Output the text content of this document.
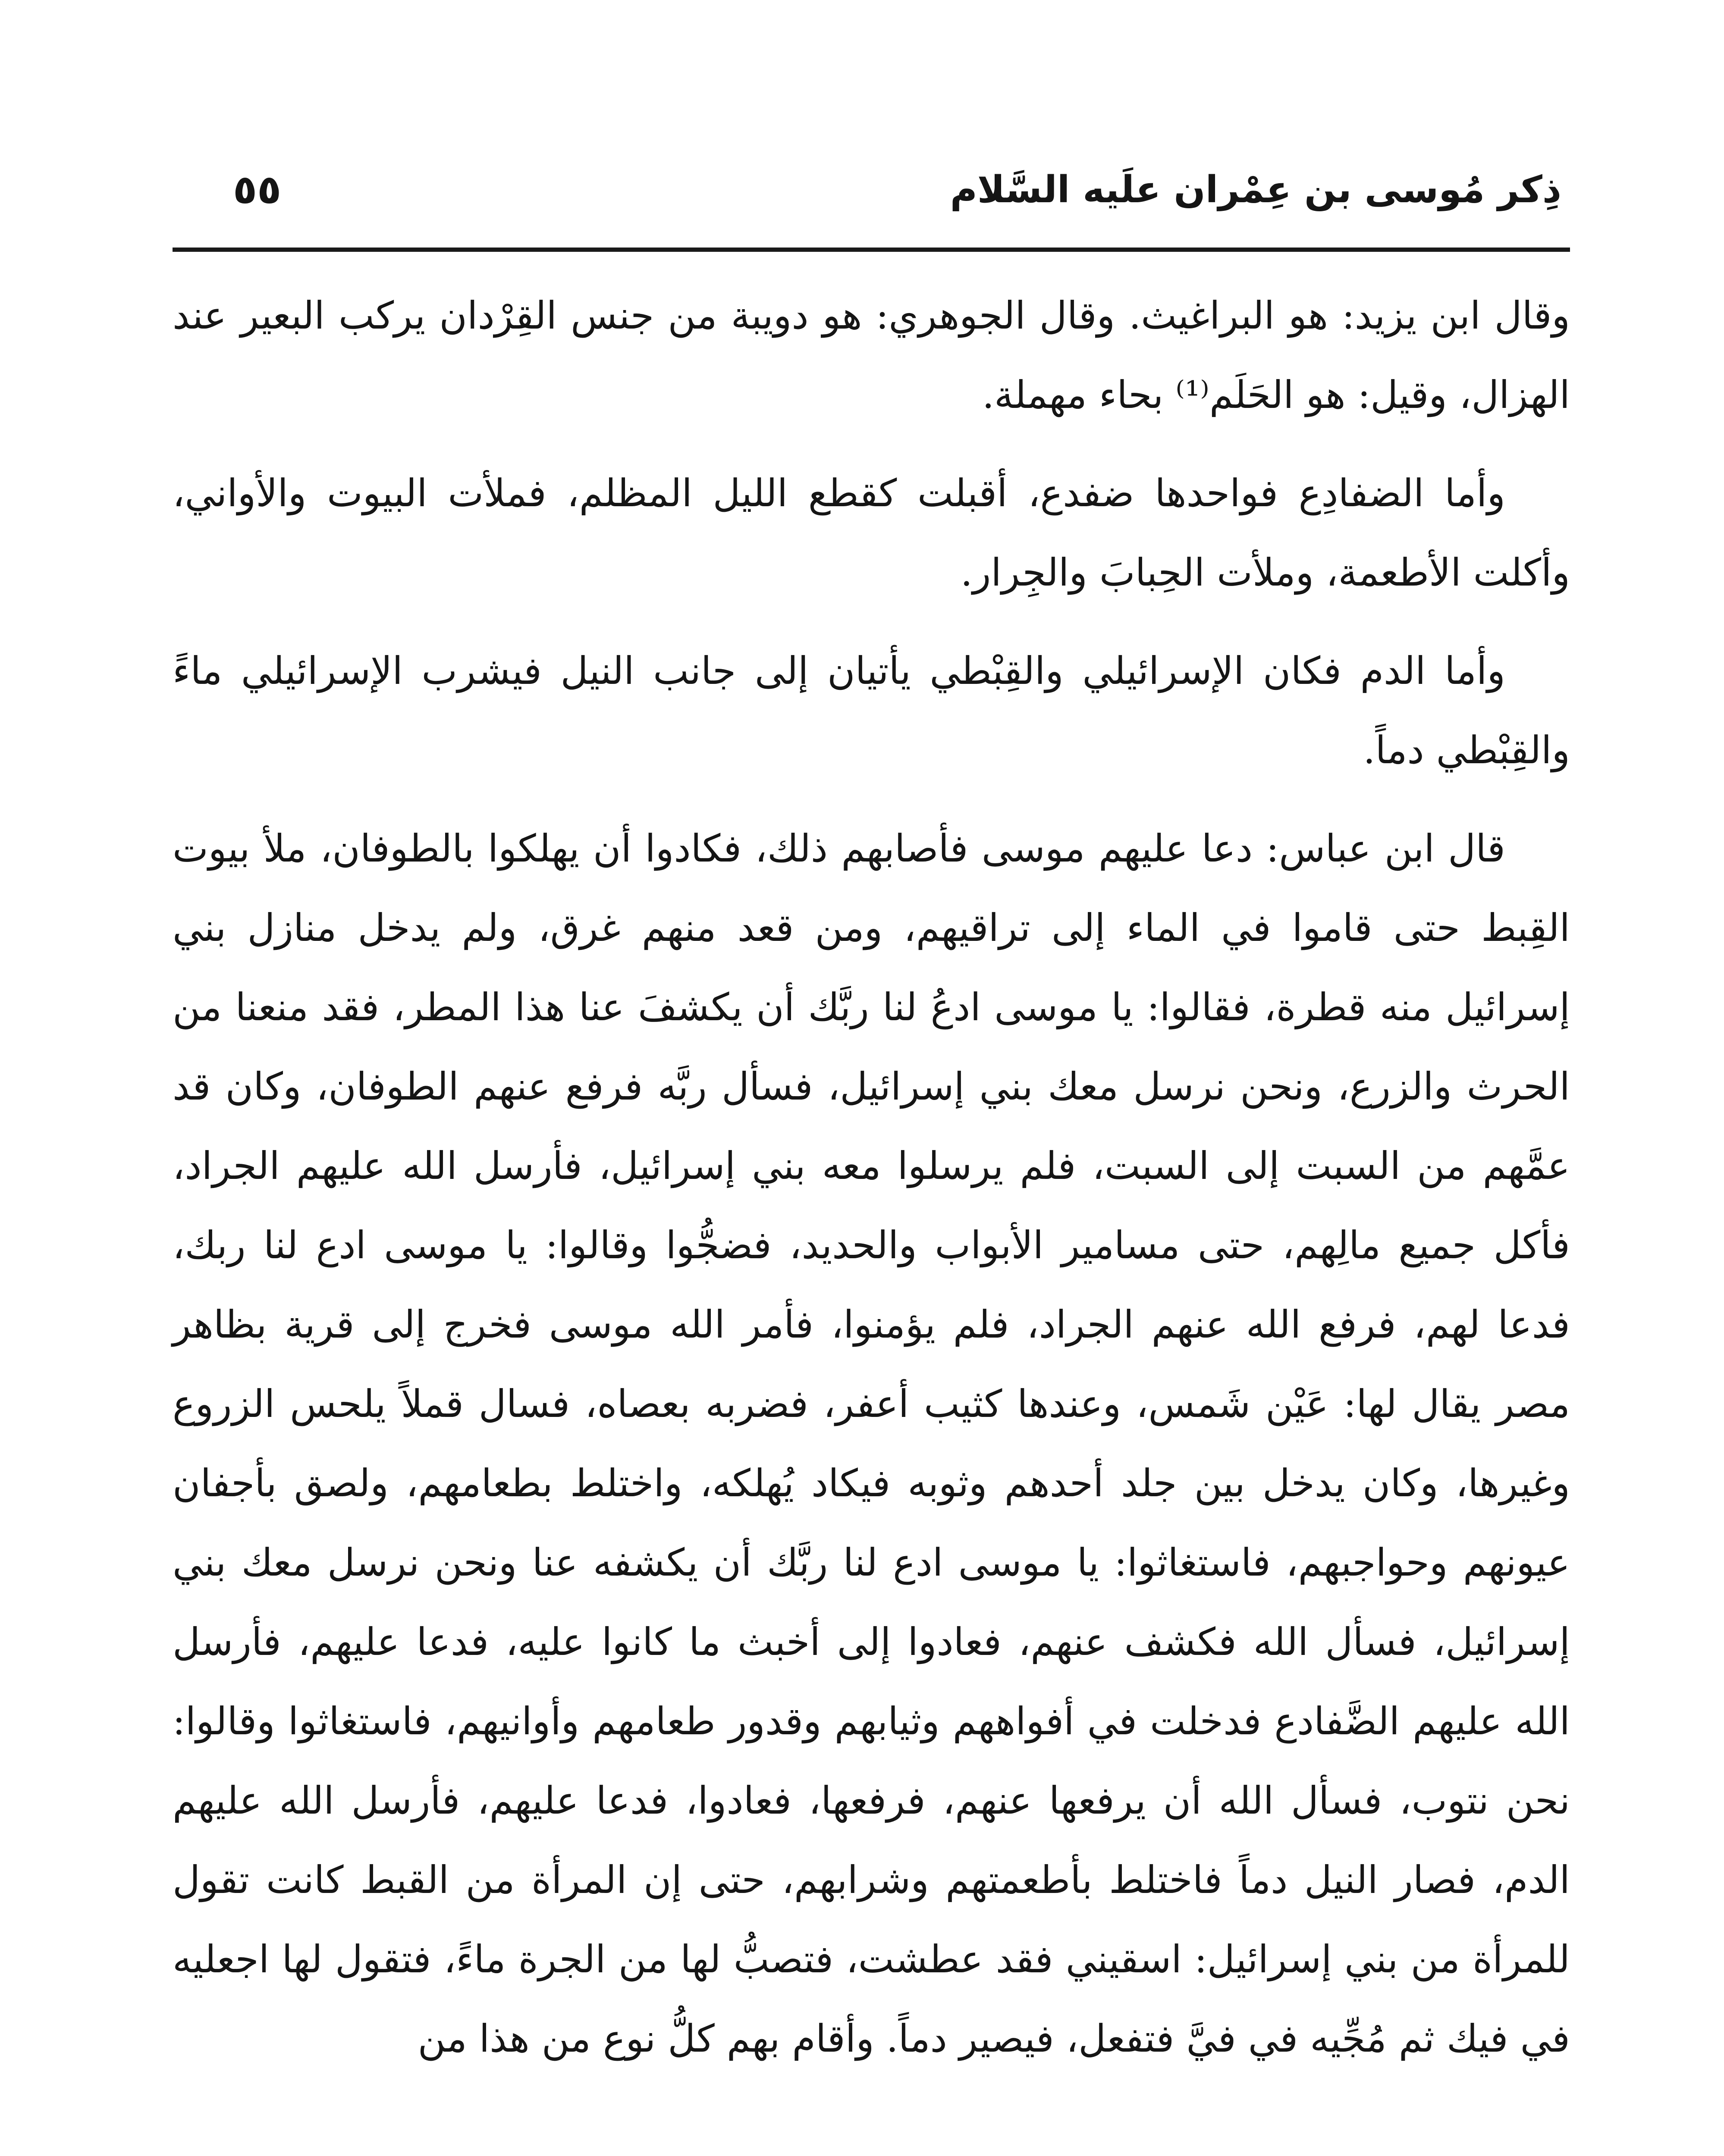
ذِكر مُوسى بن عِمْران علَيه السَّلام
٥٥

وقال ابن يزيد: هو البراغيث. وقال الجوهري: هو دويبة من جنس القِرْدان يركب البعير عند الهزال، وقيل: هو الحَلَم⁽¹⁾ بحاء مهملة.

وأما الضفادِع فواحدها ضفدع، أقبلت كقطع الليل المظلم، فملأت البيوت والأواني، وأكلت الأطعمة، وملأت الحِبابَ والجِرار.

وأما الدم فكان الإسرائيلي والقِبْطي يأتيان إلى جانب النيل فيشرب الإسرائيلي ماءً والقِبْطي دماً.

قال ابن عباس: دعا عليهم موسى فأصابهم ذلك، فكادوا أن يهلكوا بالطوفان، ملأ بيوت القِبط حتى قاموا في الماء إلى تراقيهم، ومن قعد منهم غرق، ولم يدخل منازل بني إسرائيل منه قطرة، فقالوا: يا موسى ادعُ لنا ربَّك أن يكشفَ عنا هذا المطر، فقد منعنا من الحرث والزرع، ونحن نرسل معك بني إسرائيل، فسأل ربَّه فرفع عنهم الطوفان، وكان قد عمَّهم من السبت إلى السبت، فلم يرسلوا معه بني إسرائيل، فأرسل الله عليهم الجراد، فأكل جميع مالِهم، حتى مسامير الأبواب والحديد، فضجُّوا وقالوا: يا موسى ادع لنا ربك، فدعا لهم، فرفع الله عنهم الجراد، فلم يؤمنوا، فأمر الله موسى فخرج إلى قرية بظاهر مصر يقال لها: عَيْن شَمس، وعندها كثيب أعفر، فضربه بعصاه، فسال قملاً يلحس الزروع وغيرها، وكان يدخل بين جلد أحدهم وثوبه فيكاد يُهلكه، واختلط بطعامهم، ولصق بأجفان عيونهم وحواجبهم، فاستغاثوا: يا موسى ادع لنا ربَّك أن يكشفه عنا ونحن نرسل معك بني إسرائيل، فسأل الله فكشف عنهم، فعادوا إلى أخبث ما كانوا عليه، فدعا عليهم، فأرسل الله عليهم الضَّفادع فدخلت في أفواههم وثيابهم وقدور طعامهم وأوانيهم، فاستغاثوا وقالوا: نحن نتوب، فسأل الله أن يرفعها عنهم، فرفعها، فعادوا، فدعا عليهم، فأرسل الله عليهم الدم، فصار النيل دماً فاختلط بأطعمتهم وشرابهم، حتى إن المرأة من القبط كانت تقول للمرأة من بني إسرائيل: اسقيني فقد عطشت، فتصبُّ لها من الجرة ماءً، فتقول لها اجعليه في فيك ثم مُجِّيه في فيَّ فتفعل، فيصير دماً. وأقام بهم كلُّ نوع من هذا من
